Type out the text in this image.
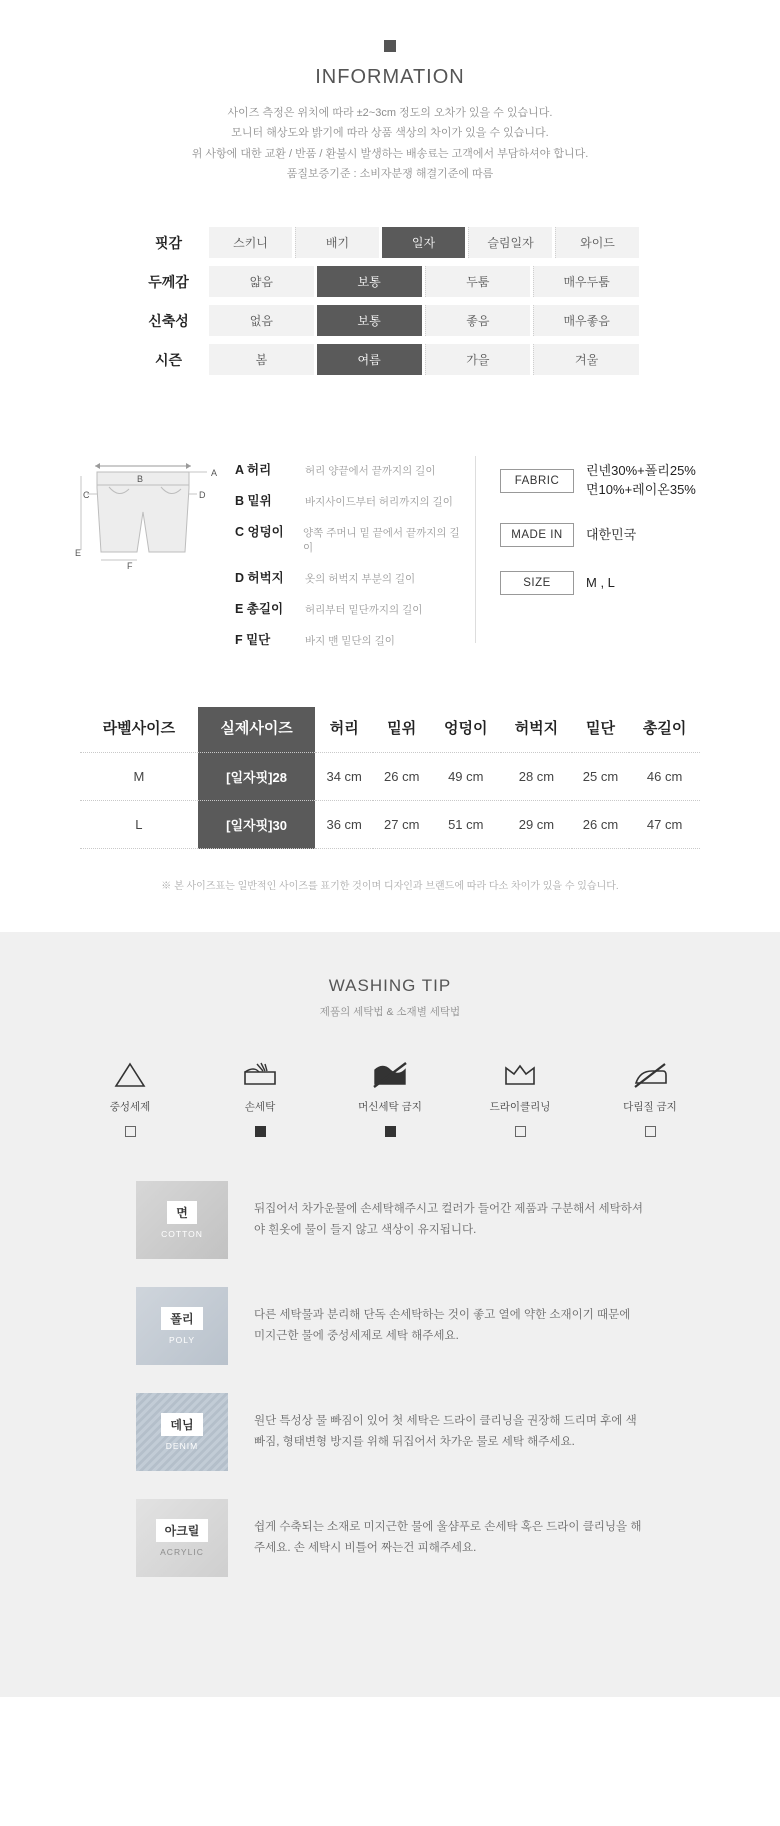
INFORMATION
사이즈 측정은 위치에 따라 ±2~3cm 정도의 오차가 있을 수 있습니다.
모니터 해상도와 밝기에 따라 상품 색상의 차이가 있을 수 있습니다.
위 사항에 대한 교환 / 반품 / 환불시 발생하는 배송료는 고객에서 부담하셔야 합니다.
품질보증기준 : 소비자분쟁 해결기준에 따름
핏감	스키니 배기 일자 슬림일자 와이드

두께감	얇음 보통 두툼 매우두툼

신축성	없음 보통 좋음 매우좋음

시즌	봄 여름 가을 겨울
A
B
C	D
E
F
A 허리	허리 양끝에서 끝까지의 길이
B 밑위	바지사이드부터 허리까지의 길이
C 엉덩이	양쪽 주머니 밑 끝에서 끝까지의 길이
D 허벅지	옷의 허벅지 부분의 길이
E 총길이	허리부터 밑단까지의 길이
F 밑단	바지 맨 밑단의 길이
FABRIC
린넨30%+폴리25%
면10%+레이온35%
MADE IN	대한민국
SIZE	M , L
라벨사이즈	실제사이즈	허리	밑위	엉덩이	허벅지	밑단	총길이
M	[일자핏]28	34 cm	26 cm	49 cm	28 cm	25 cm	46 cm
L	[일자핏]30	36 cm	27 cm	51 cm	29 cm	26 cm	47 cm
※ 본 사이즈표는 일반적인 사이즈를 표기한 것이며 디자인과 브랜드에 따라 다소 차이가 있을 수 있습니다.
WASHING TIP
제품의 세탁법 & 소재별 세탁법
중성세제	손세탁	머신세탁 금지	드라이클리닝	다림질 금지
면
COTTON
뒤집어서 차가운물에 손세탁해주시고 컬러가 들어간 제품과 구분해서 세탁하셔야 흰옷에 물이 들지 않고 색상이 유지됩니다.
폴리
POLY
다른 세탁물과 분리해 단독 손세탁하는 것이 좋고 열에 약한 소재이기 때문에 미지근한 물에 중성세제로 세탁 해주세요.
데님
DENIM
원단 특성상 물 빠짐이 있어 첫 세탁은 드라이 클리닝을 권장해 드리며 후에 색빠짐, 형태변형 방지를 위해 뒤집어서 차가운 물로 세탁 해주세요.
아크릴
ACRYLIC
쉽게 수축되는 소재로 미지근한 물에 울샴푸로 손세탁 혹은 드라이 클리닝을 해주세요. 손 세탁시 비틀어 짜는건 피해주세요.
